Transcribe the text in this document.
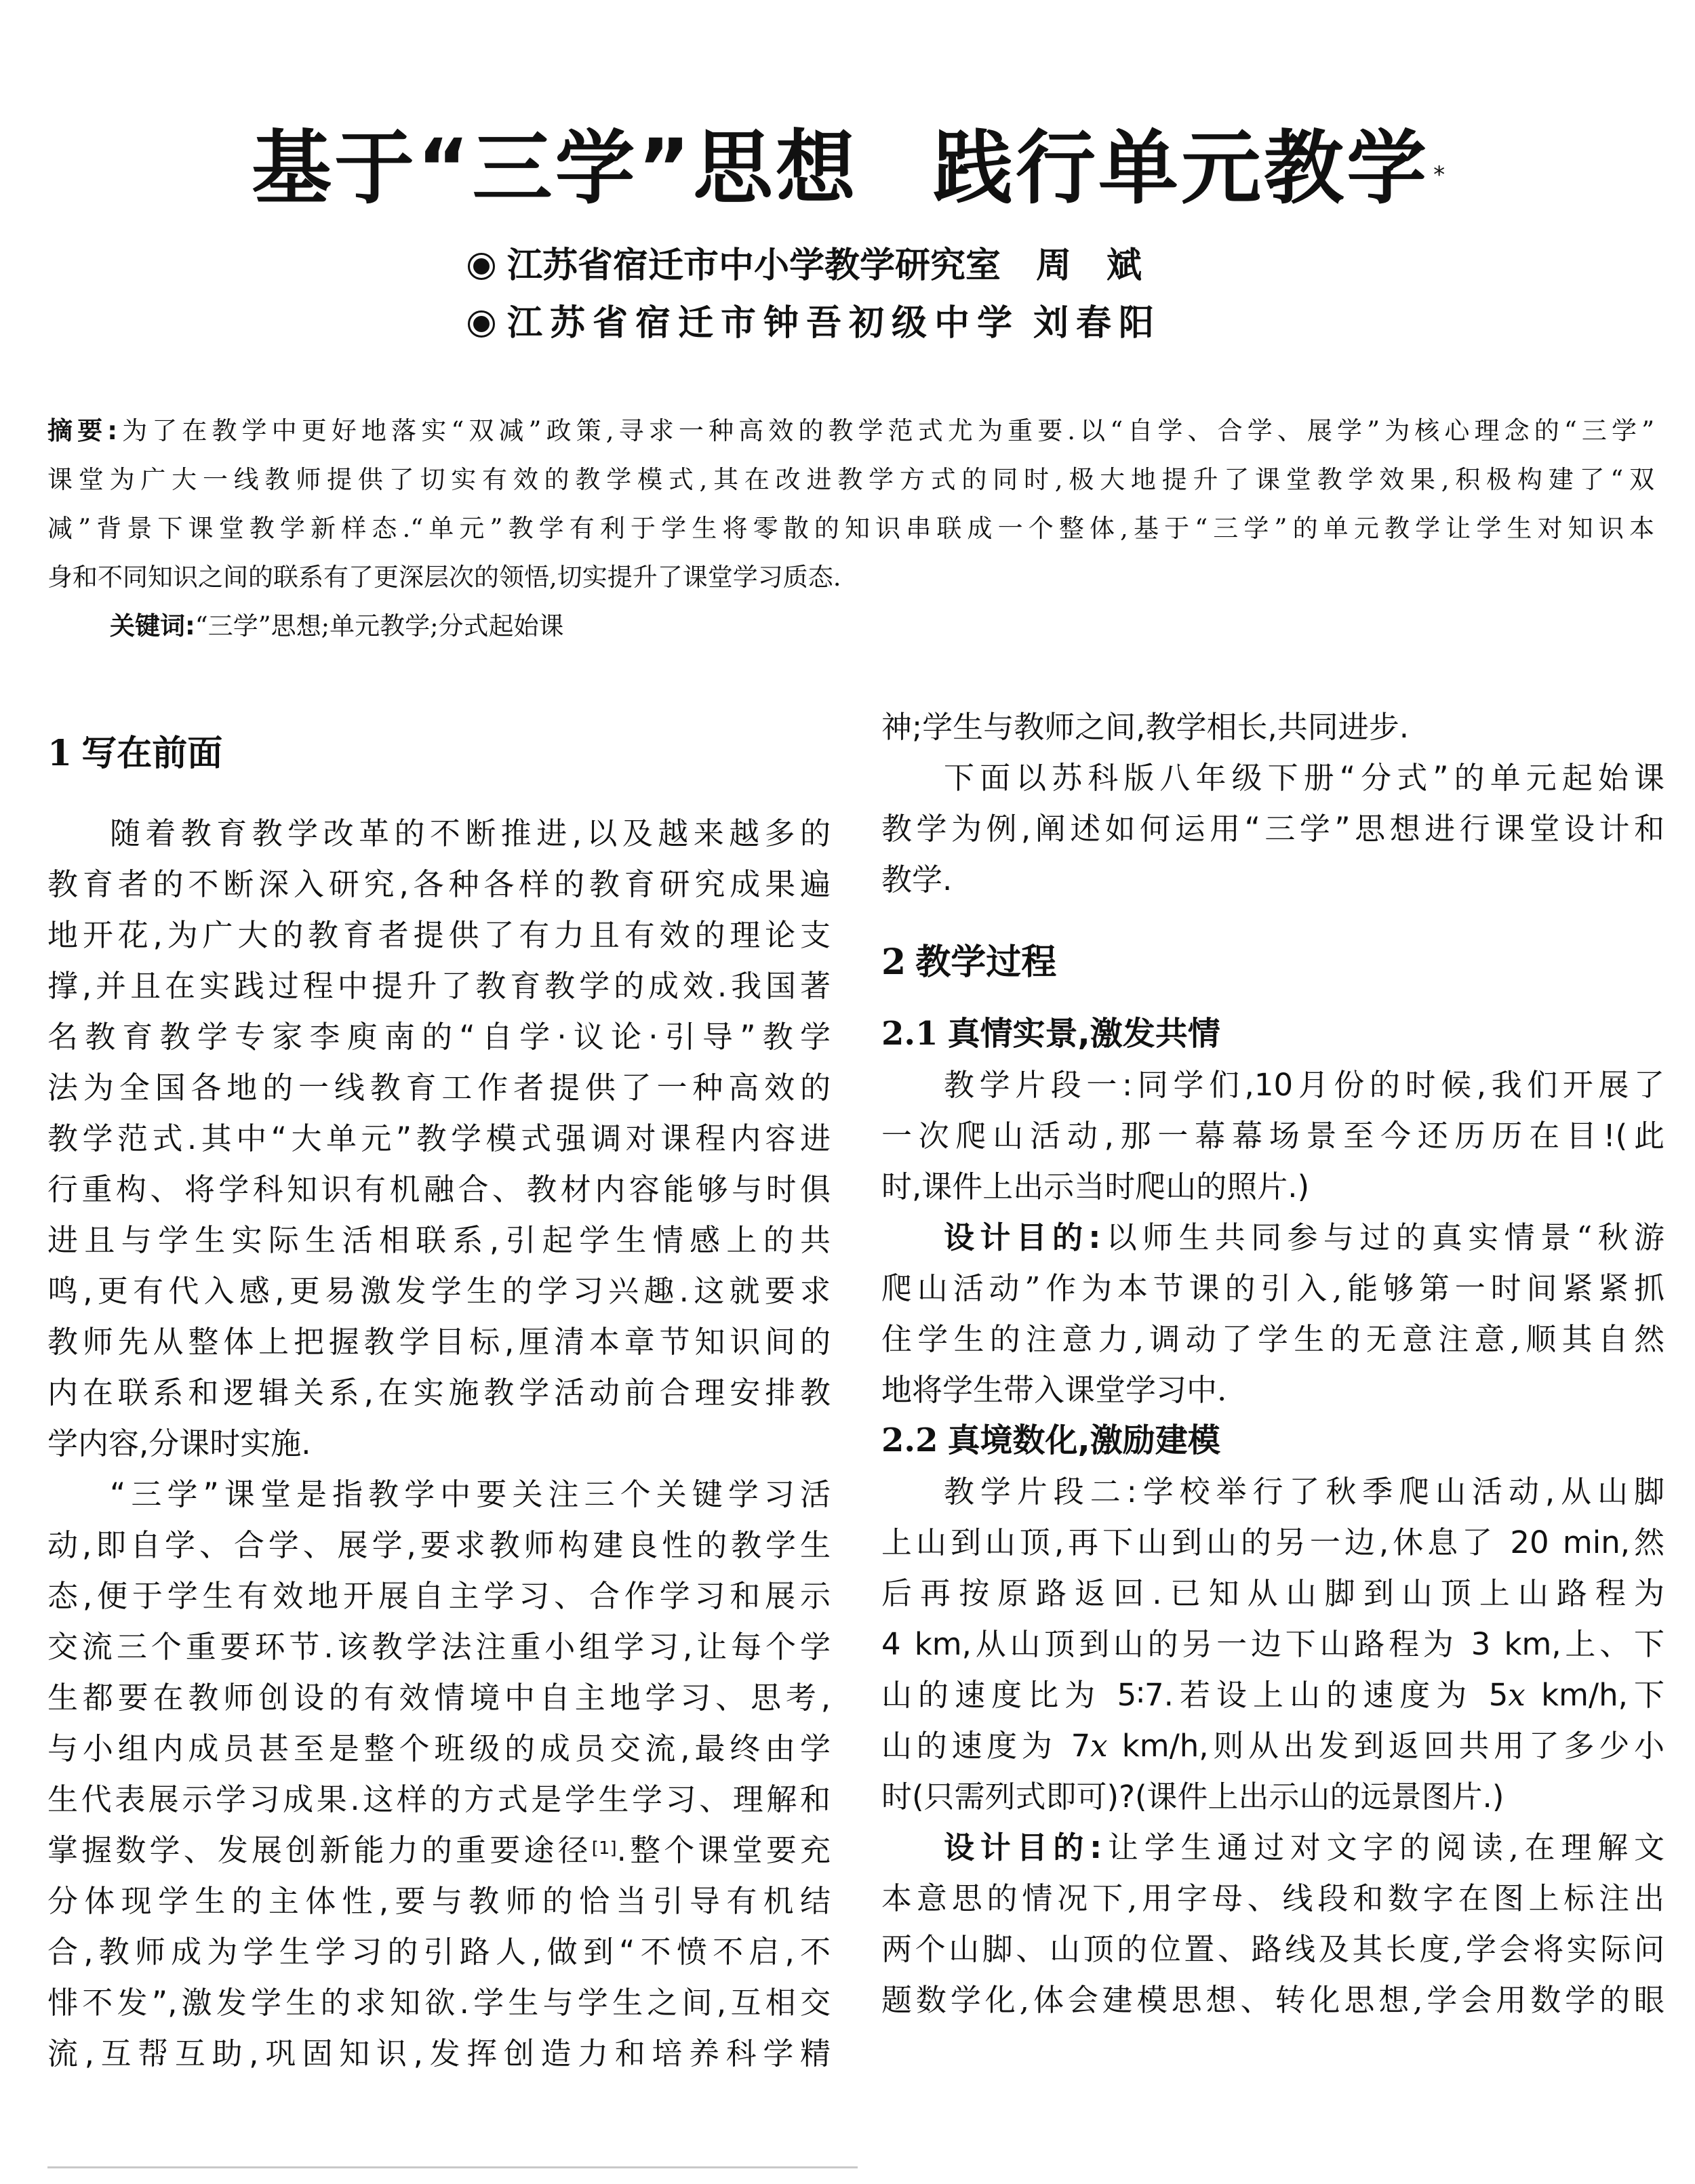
基于“三学”思想 践行单元教学 *
江苏省宿迁市中小学教学研究室 周　斌
江苏省宿迁市钟吾初级中学 刘春阳
摘要:为了在教学中更好地落实“双减”政策,寻求一种高效的教学范式尤为重要.以“自学、合学、展学”为核心理念的“三学”
课堂为广大一线教师提供了切实有效的教学模式,其在改进教学方式的同时,极大地提升了课堂教学效果,积极构建了“双
减”背景下课堂教学新样态.“单元”教学有利于学生将零散的知识串联成一个整体,基于“三学”的单元教学让学生对知识本
身和不同知识之间的联系有了更深层次的领悟,切实提升了课堂学习质态.
关键词:“三学”思想;单元教学;分式起始课
1 写在前面
随着教育教学改革的不断推进,以及越来越多的
教育者的不断深入研究,各种各样的教育研究成果遍
地开花,为广大的教育者提供了有力且有效的理论支
撑,并且在实践过程中提升了教育教学的成效.我国著
名教育教学专家李庾南的“自学·议论·引导”教学
法为全国各地的一线教育工作者提供了一种高效的
教学范式.其中“大单元”教学模式强调对课程内容进
行重构、将学科知识有机融合、教材内容能够与时俱
进且与学生实际生活相联系,引起学生情感上的共
鸣,更有代入感,更易激发学生的学习兴趣.这就要求
教师先从整体上把握教学目标,厘清本章节知识间的
内在联系和逻辑关系,在实施教学活动前合理安排教
学内容,分课时实施.
“三学”课堂是指教学中要关注三个关键学习活
动,即自学、合学、展学,要求教师构建良性的教学生
态,便于学生有效地开展自主学习、合作学习和展示
交流三个重要环节.该教学法注重小组学习,让每个学
生都要在教师创设的有效情境中自主地学习、思考,
与小组内成员甚至是整个班级的成员交流,最终由学
生代表展示学习成果.这样的方式是学生学习、理解和
掌握数学、发展创新能力的重要途径[1].整个课堂要充
分体现学生的主体性,要与教师的恰当引导有机结
合,教师成为学生学习的引路人,做到“不愤不启,不
悱不发”,激发学生的求知欲.学生与学生之间,互相交
流,互帮互助,巩固知识,发挥创造力和培养科学精
神;学生与教师之间,教学相长,共同进步.
下面以苏科版八年级下册“分式”的单元起始课
教学为例,阐述如何运用“三学”思想进行课堂设计和
教学.
2 教学过程
2.1 真情实景,激发共情
教学片段一:同学们,10月份的时候,我们开展了
一次爬山活动,那一幕幕场景至今还历历在目!(此
时,课件上出示当时爬山的照片.)
设计目的:以师生共同参与过的真实情景“秋游
爬山活动”作为本节课的引入,能够第一时间紧紧抓
住学生的注意力,调动了学生的无意注意,顺其自然
地将学生带入课堂学习中.
2.2 真境数化,激励建模
教学片段二:学校举行了秋季爬山活动,从山脚
上山到山顶,再下山到山的另一边,休息了 20 min,然
后再按原路返回.已知从山脚到山顶上山路程为
4 km,从山顶到山的另一边下山路程为 3 km,上、下
山的速度比为 5∶7.若设上山的速度为 5x km/h,下
山的速度为 7x km/h,则从出发到返回共用了多少小
时(只需列式即可)?(课件上出示山的远景图片.)
设计目的:让学生通过对文字的阅读,在理解文
本意思的情况下,用字母、线段和数字在图上标注出
两个山脚、山顶的位置、路线及其长度,学会将实际问
题数学化,体会建模思想、转化思想,学会用数学的眼
